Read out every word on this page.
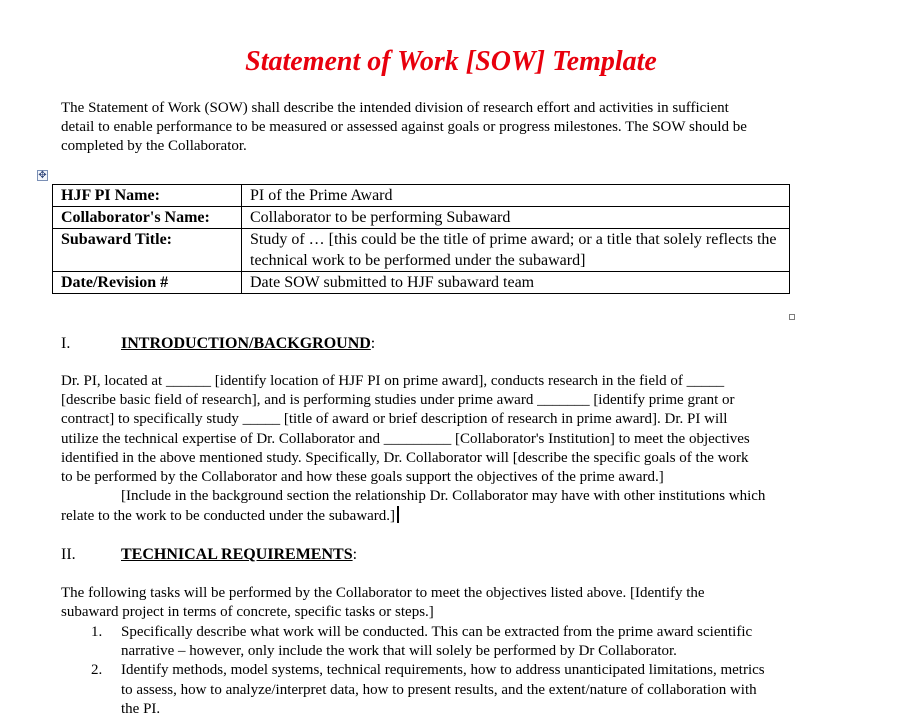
Statement of Work [SOW] Template
The Statement of Work (SOW) shall describe the intended division of research effort and activities in sufficient
detail to enable performance to be measured or assessed against goals or progress milestones. The SOW should be
completed by the Collaborator.
✥
HJF PI Name:	PI of the Prime Award
Collaborator's Name:	Collaborator to be performing Subaward
Subaward Title:	Study of … [this could be the title of prime award; or a title that solely reflects the technical work to be performed under the subaward]
Date/Revision #	Date SOW submitted to HJF subaward team
I.	INTRODUCTION/BACKGROUND:
Dr. PI, located at ______ [identify location of HJF PI on prime award], conducts research in the field of _____
[describe basic field of research], and is performing studies under prime award _______ [identify prime grant or
contract] to specifically study _____ [title of award or brief description of research in prime award]. Dr. PI will
utilize the technical expertise of Dr. Collaborator and _________ [Collaborator's Institution] to meet the objectives
identified in the above mentioned study. Specifically, Dr. Collaborator will [describe the specific goals of the work
to be performed by the Collaborator and how these goals support the objectives of the prime award.]
[Include in the background section the relationship Dr. Collaborator may have with other institutions which
relate to the work to be conducted under the subaward.]
II.	TECHNICAL REQUIREMENTS:
The following tasks will be performed by the Collaborator to meet the objectives listed above. [Identify the
subaward project in terms of concrete, specific tasks or steps.]
1. Specifically describe what work will be conducted. This can be extracted from the prime award scientific
narrative – however, only include the work that will solely be performed by Dr Collaborator.
2. Identify methods, model systems, technical requirements, how to address unanticipated limitations, metrics
to assess, how to analyze/interpret data, how to present results, and the extent/nature of collaboration with
the PI.
